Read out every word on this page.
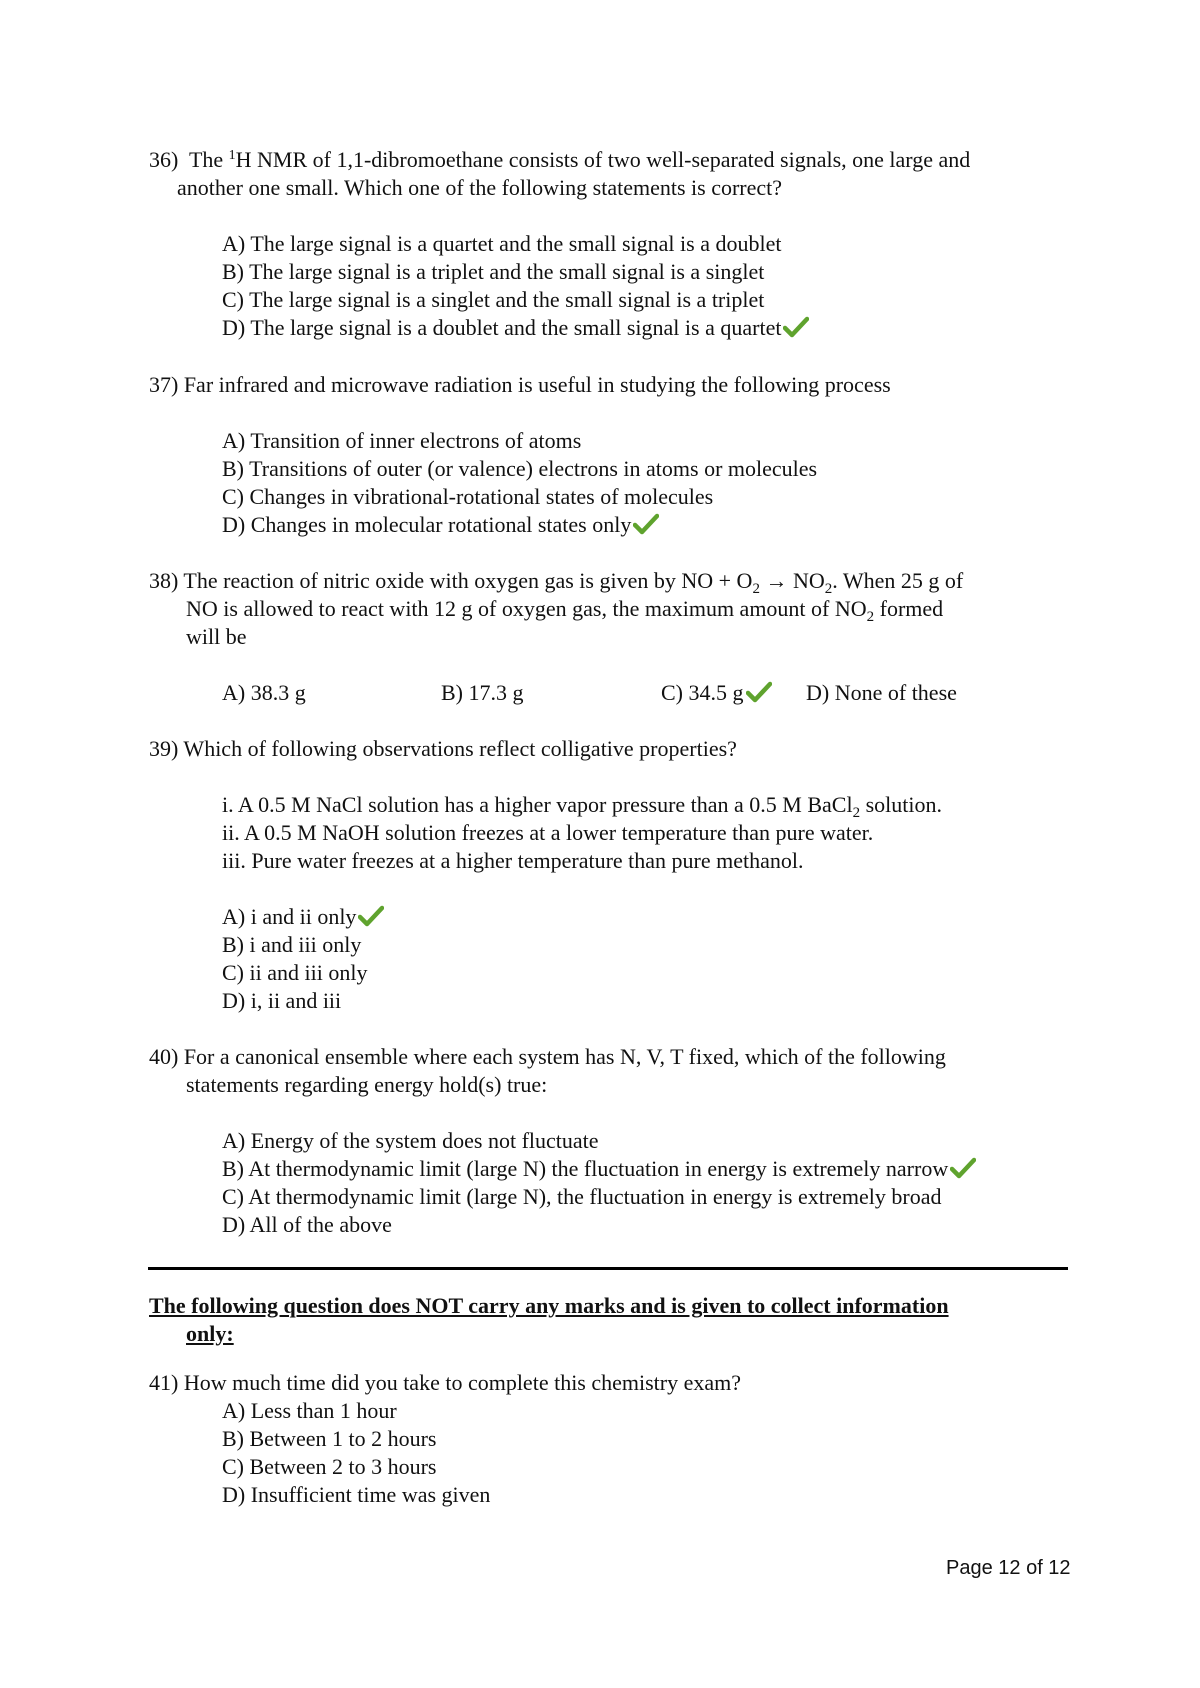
36) The $^1$H NMR of 1,1-dibromoethane consists of two well-separated signals, one large and
another one small. Which one of the following statements is correct?
A) The large signal is a quartet and the small signal is a doublet
B) The large signal is a triplet and the small signal is a singlet
C) The large signal is a singlet and the small signal is a triplet
D) The large signal is a doublet and the small signal is a quartet
37) Far infrared and microwave radiation is useful in studying the following process
A) Transition of inner electrons of atoms
B) Transitions of outer (or valence) electrons in atoms or molecules
C) Changes in vibrational-rotational states of molecules
D) Changes in molecular rotational states only
38) The reaction of nitric oxide with oxygen gas is given by NO + $O_2 \to NO_2$. When 25 g of
NO is allowed to react with 12 g of oxygen gas, the maximum amount of $NO_2$ formed
will be
A) 38.3 g	B) 17.3 g	C) 34.5 g	D) None of these
39) Which of following observations reflect colligative properties?
i. A 0.5 M NaCl solution has a higher vapor pressure than a 0.5 M BaCl$_2$ solution.
ii. A 0.5 M NaOH solution freezes at a lower temperature than pure water.
iii. Pure water freezes at a higher temperature than pure methanol.
A) i and ii only
B) i and iii only
C) ii and iii only
D) i, ii and iii
40) For a canonical ensemble where each system has N, V, T fixed, which of the following
statements regarding energy hold(s) true:
A) Energy of the system does not fluctuate
B) At thermodynamic limit (large N) the fluctuation in energy is extremely narrow
C) At thermodynamic limit (large N), the fluctuation in energy is extremely broad
D) All of the above
The following question does NOT carry any marks and is given to collect information
only:
41) How much time did you take to complete this chemistry exam?
A) Less than 1 hour
B) Between 1 to 2 hours
C) Between 2 to 3 hours
D) Insufficient time was given
Page 12 of 12
